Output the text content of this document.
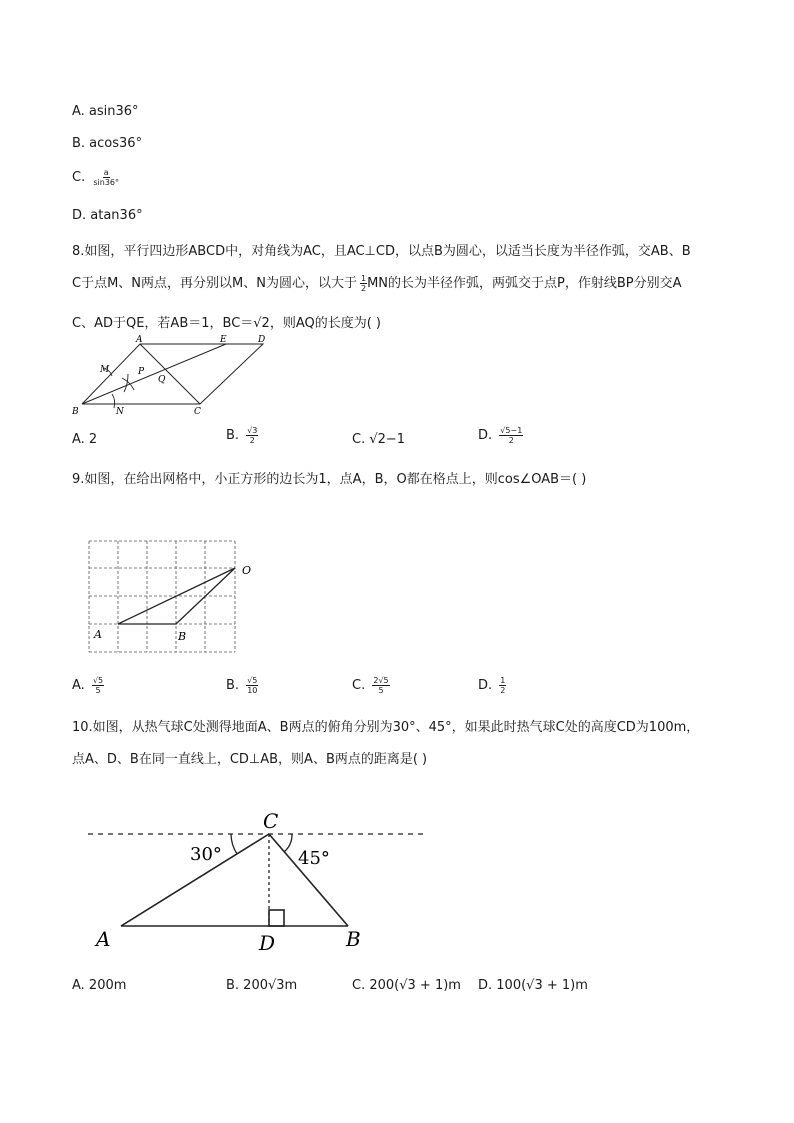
A. asin36°
B. acos36°
C. $\frac{a}{\sin 36^\circ}$
D. atan36°
8.如图，平行四边形ABCD中，对角线为AC，且AC⊥CD，以点B为圆心，以适当长度为半径作弧，交AB、B
C于点M、N两点，再分别以M、N为圆心，以大于 $\frac{1}{2}$ MN的长为半径作弧，两弧交于点P，作射线BP分别交A
C、AD于QE，若AB＝1，BC＝√2，则AQ的长度为( )
A	E	D
B	C
M
N
P
Q
A. 2	B. $\frac{√3}{2}$	C. √2−1	D. $\frac{√5-1}{2}$
9.如图，在给出网格中，小正方形的边长为1，点A，B，O都在格点上，则cos∠OAB＝( )
O
A	B
A. $\frac{√5}{5}$	B. $\frac{√5}{10}$	C. $\frac{2√5}{5}$	D. $\frac{1}{2}$
10.如图，从热气球C处测得地面A、B两点的俯角分别为30°、45°，如果此时热气球C处的高度CD为100m，
点A、D、B在同一直线上，CD⊥AB，则A、B两点的距离是( )
C
A	D	B
30°	45°
A. 200m	B. 200√3m	C. 200(√3 + 1)m D. 100(√3 + 1)m
